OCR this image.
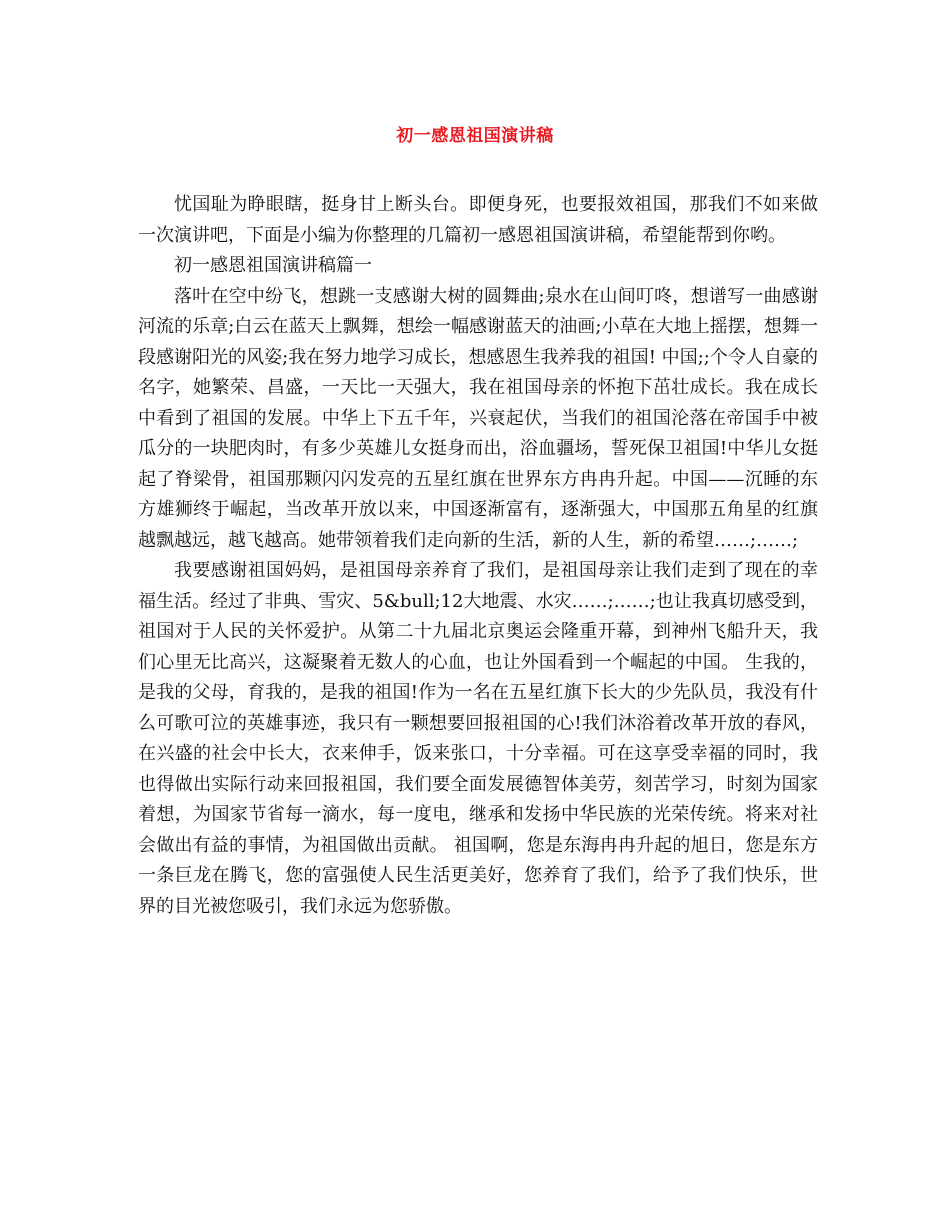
初一感恩祖国演讲稿

忧国耻为睁眼瞎，挺身甘上断头台。即便身死，也要报效祖国，那我们不如来做一次演讲吧，下面是小编为你整理的几篇初一感恩祖国演讲稿，希望能帮到你哟。

初一感恩祖国演讲稿篇一

落叶在空中纷飞，想跳一支感谢大树的圆舞曲;泉水在山间叮咚，想谱写一曲感谢河流的乐章;白云在蓝天上飘舞，想绘一幅感谢蓝天的油画;小草在大地上摇摆，想舞一段感谢阳光的风姿;我在努力地学习成长，想感恩生我养我的祖国! 中国;;个令人自豪的名字，她繁荣、昌盛，一天比一天强大，我在祖国母亲的怀抱下茁壮成长。我在成长中看到了祖国的发展。中华上下五千年，兴衰起伏，当我们的祖国沦落在帝国手中被瓜分的一块肥肉时，有多少英雄儿女挺身而出，浴血疆场，誓死保卫祖国!中华儿女挺起了脊梁骨，祖国那颗闪闪发亮的五星红旗在世界东方冉冉升起。中国——沉睡的东方雄狮终于崛起，当改革开放以来，中国逐渐富有，逐渐强大，中国那五角星的红旗越飘越远，越飞越高。她带领着我们走向新的生活，新的人生，新的希望……;……;

我要感谢祖国妈妈，是祖国母亲养育了我们，是祖国母亲让我们走到了现在的幸福生活。经过了非典、雪灾、5&bull;12大地震、水灾……;……;也让我真切感受到，祖国对于人民的关怀爱护。从第二十九届北京奥运会隆重开幕，到神州飞船升天，我们心里无比高兴，这凝聚着无数人的心血，也让外国看到一个崛起的中国。 生我的，是我的父母，育我的，是我的祖国!作为一名在五星红旗下长大的少先队员，我没有什么可歌可泣的英雄事迹，我只有一颗想要回报祖国的心!我们沐浴着改革开放的春风，在兴盛的社会中长大，衣来伸手，饭来张口，十分幸福。可在这享受幸福的同时，我也得做出实际行动来回报祖国，我们要全面发展德智体美劳，刻苦学习，时刻为国家着想，为国家节省每一滴水，每一度电，继承和发扬中华民族的光荣传统。将来对社会做出有益的事情，为祖国做出贡献。 祖国啊，您是东海冉冉升起的旭日，您是东方一条巨龙在腾飞，您的富强使人民生活更美好，您养育了我们，给予了我们快乐，世界的目光被您吸引，我们永远为您骄傲。
